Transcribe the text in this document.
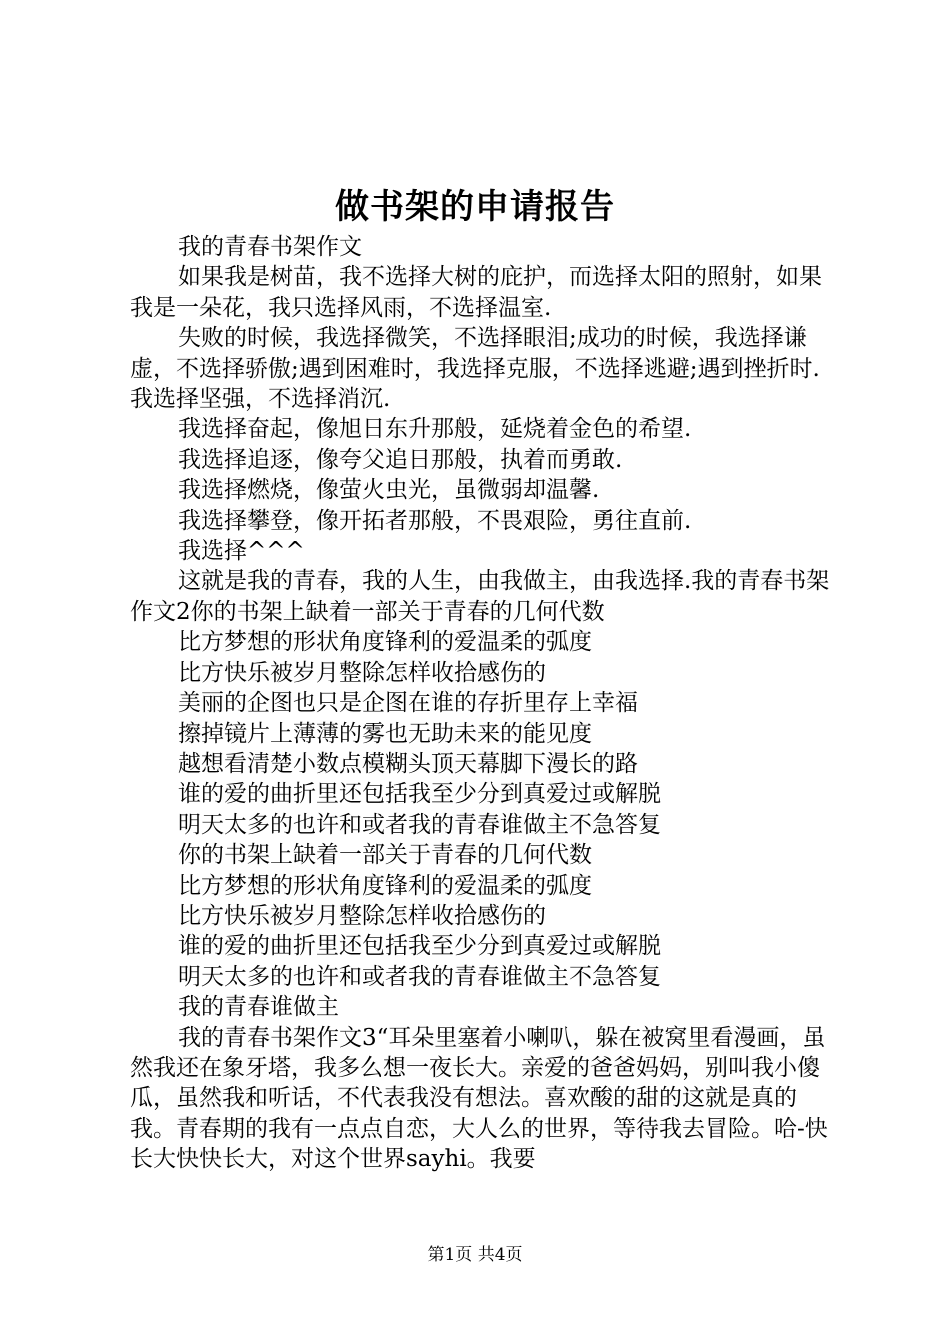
做书架的申请报告

我的青春书架作文

如果我是树苗，我不选择大树的庇护，而选择太阳的照射，如果我是一朵花，我只选择风雨，不选择温室.

失败的时候，我选择微笑，不选择眼泪;成功的时候，我选择谦虚，不选择骄傲;遇到困难时，我选择克服，不选择逃避;遇到挫折时.我选择坚强，不选择消沉.

我选择奋起，像旭日东升那般，延烧着金色的希望.

我选择追逐，像夸父追日那般，执着而勇敢.

我选择燃烧，像萤火虫光，虽微弱却温馨.

我选择攀登，像开拓者那般，不畏艰险，勇往直前.

我选择^^^

这就是我的青春，我的人生，由我做主，由我选择.我的青春书架作文2你的书架上缺着一部关于青春的几何代数

比方梦想的形状角度锋利的爱温柔的弧度

比方快乐被岁月整除怎样收拾感伤的

美丽的企图也只是企图在谁的存折里存上幸福

擦掉镜片上薄薄的雾也无助未来的能见度

越想看清楚小数点模糊头顶天幕脚下漫长的路

谁的爱的曲折里还包括我至少分到真爱过或解脱

明天太多的也许和或者我的青春谁做主不急答复

你的书架上缺着一部关于青春的几何代数

比方梦想的形状角度锋利的爱温柔的弧度

比方快乐被岁月整除怎样收拾感伤的

谁的爱的曲折里还包括我至少分到真爱过或解脱

明天太多的也许和或者我的青春谁做主不急答复

我的青春谁做主

我的青春书架作文3“耳朵里塞着小喇叭，躲在被窝里看漫画，虽然我还在象牙塔，我多么想一夜长大。亲爱的爸爸妈妈，别叫我小傻瓜，虽然我和听话，不代表我没有想法。喜欢酸的甜的这就是真的我。青春期的我有一点点自恋，大人么的世界，等待我去冒险。哈-快长大快快长大，对这个世界sayhi。我要

第1页 共4页
